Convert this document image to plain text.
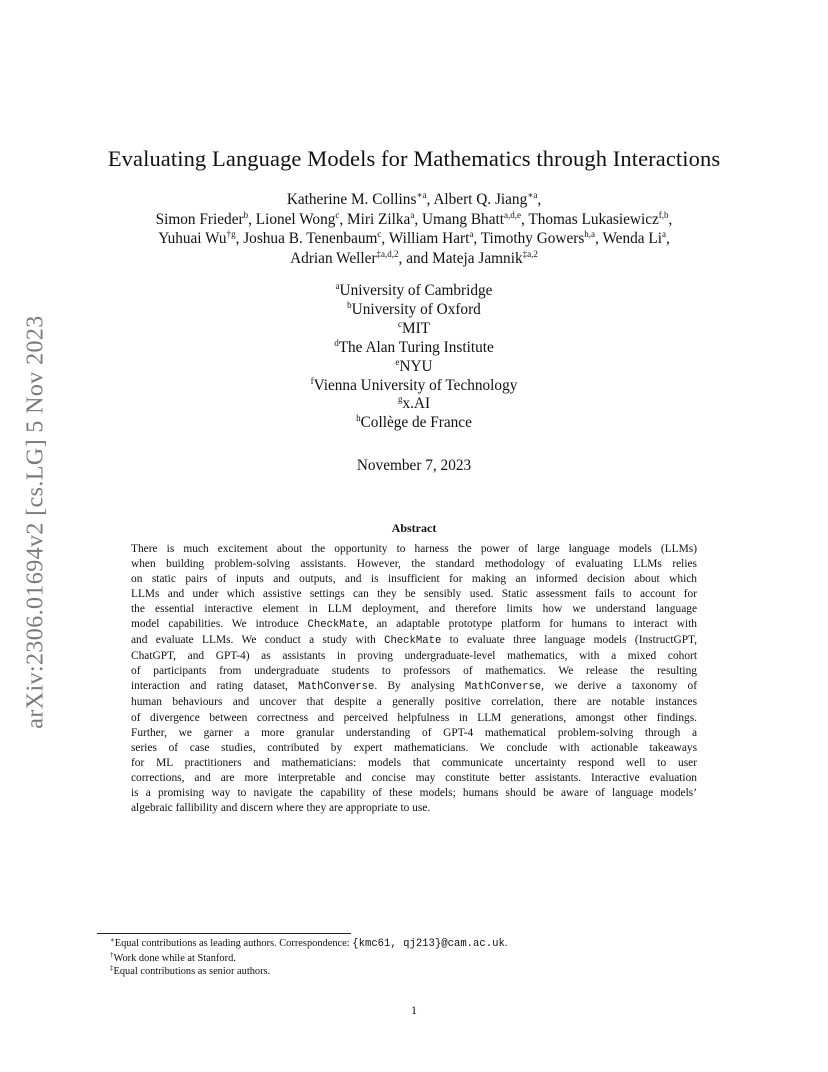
arXiv:2306.01694v2 [cs.LG] 5 Nov 2023
Evaluating Language Models for Mathematics through Interactions
Katherine M. Collins$^{∗a}$, Albert Q. Jiang$^{∗a}$,
Simon Frieder$^b$, Lionel Wong$^c$, Miri Zilka$^a$, Umang Bhatt$^{a,d,e}$, Thomas Lukasiewicz$^{f,b}$,
Yuhuai Wu$^{\dagger g}$, Joshua B. Tenenbaum$^c$, William Hart$^a$, Timothy Gowers$^{h,a}$, Wenda Li$^a$,
Adrian Weller$^{\ddagger a,d,2}$, and Mateja Jamnik$^{\ddagger a,2}$
$^a$University of Cambridge
$^b$University of Oxford
$^c$MIT
$^d$The Alan Turing Institute
$^e$NYU
$^f$Vienna University of Technology
$^g$x.AI
$^h$Collège de France
November 7, 2023
Abstract
There is much excitement about the opportunity to harness the power of large language models (LLMs)
when building problem-solving assistants. However, the standard methodology of evaluating LLMs relies
on static pairs of inputs and outputs, and is insufficient for making an informed decision about which
LLMs and under which assistive settings can they be sensibly used. Static assessment fails to account for
the essential interactive element in LLM deployment, and therefore limits how we understand language
model capabilities. We introduce CheckMate, an adaptable prototype platform for humans to interact with
and evaluate LLMs. We conduct a study with CheckMate to evaluate three language models (InstructGPT,
ChatGPT, and GPT-4) as assistants in proving undergraduate-level mathematics, with a mixed cohort
of participants from undergraduate students to professors of mathematics. We release the resulting
interaction and rating dataset, MathConverse. By analysing MathConverse, we derive a taxonomy of
human behaviours and uncover that despite a generally positive correlation, there are notable instances
of divergence between correctness and perceived helpfulness in LLM generations, amongst other findings.
Further, we garner a more granular understanding of GPT-4 mathematical problem-solving through a
series of case studies, contributed by expert mathematicians. We conclude with actionable takeaways
for ML practitioners and mathematicians: models that communicate uncertainty respond well to user
corrections, and are more interpretable and concise may constitute better assistants. Interactive evaluation
is a promising way to navigate the capability of these models; humans should be aware of language models’
algebraic fallibility and discern where they are appropriate to use.
∗Equal contributions as leading authors. Correspondence: {kmc61, qj213}@cam.ac.uk.
†Work done while at Stanford.
‡Equal contributions as senior authors.
1
